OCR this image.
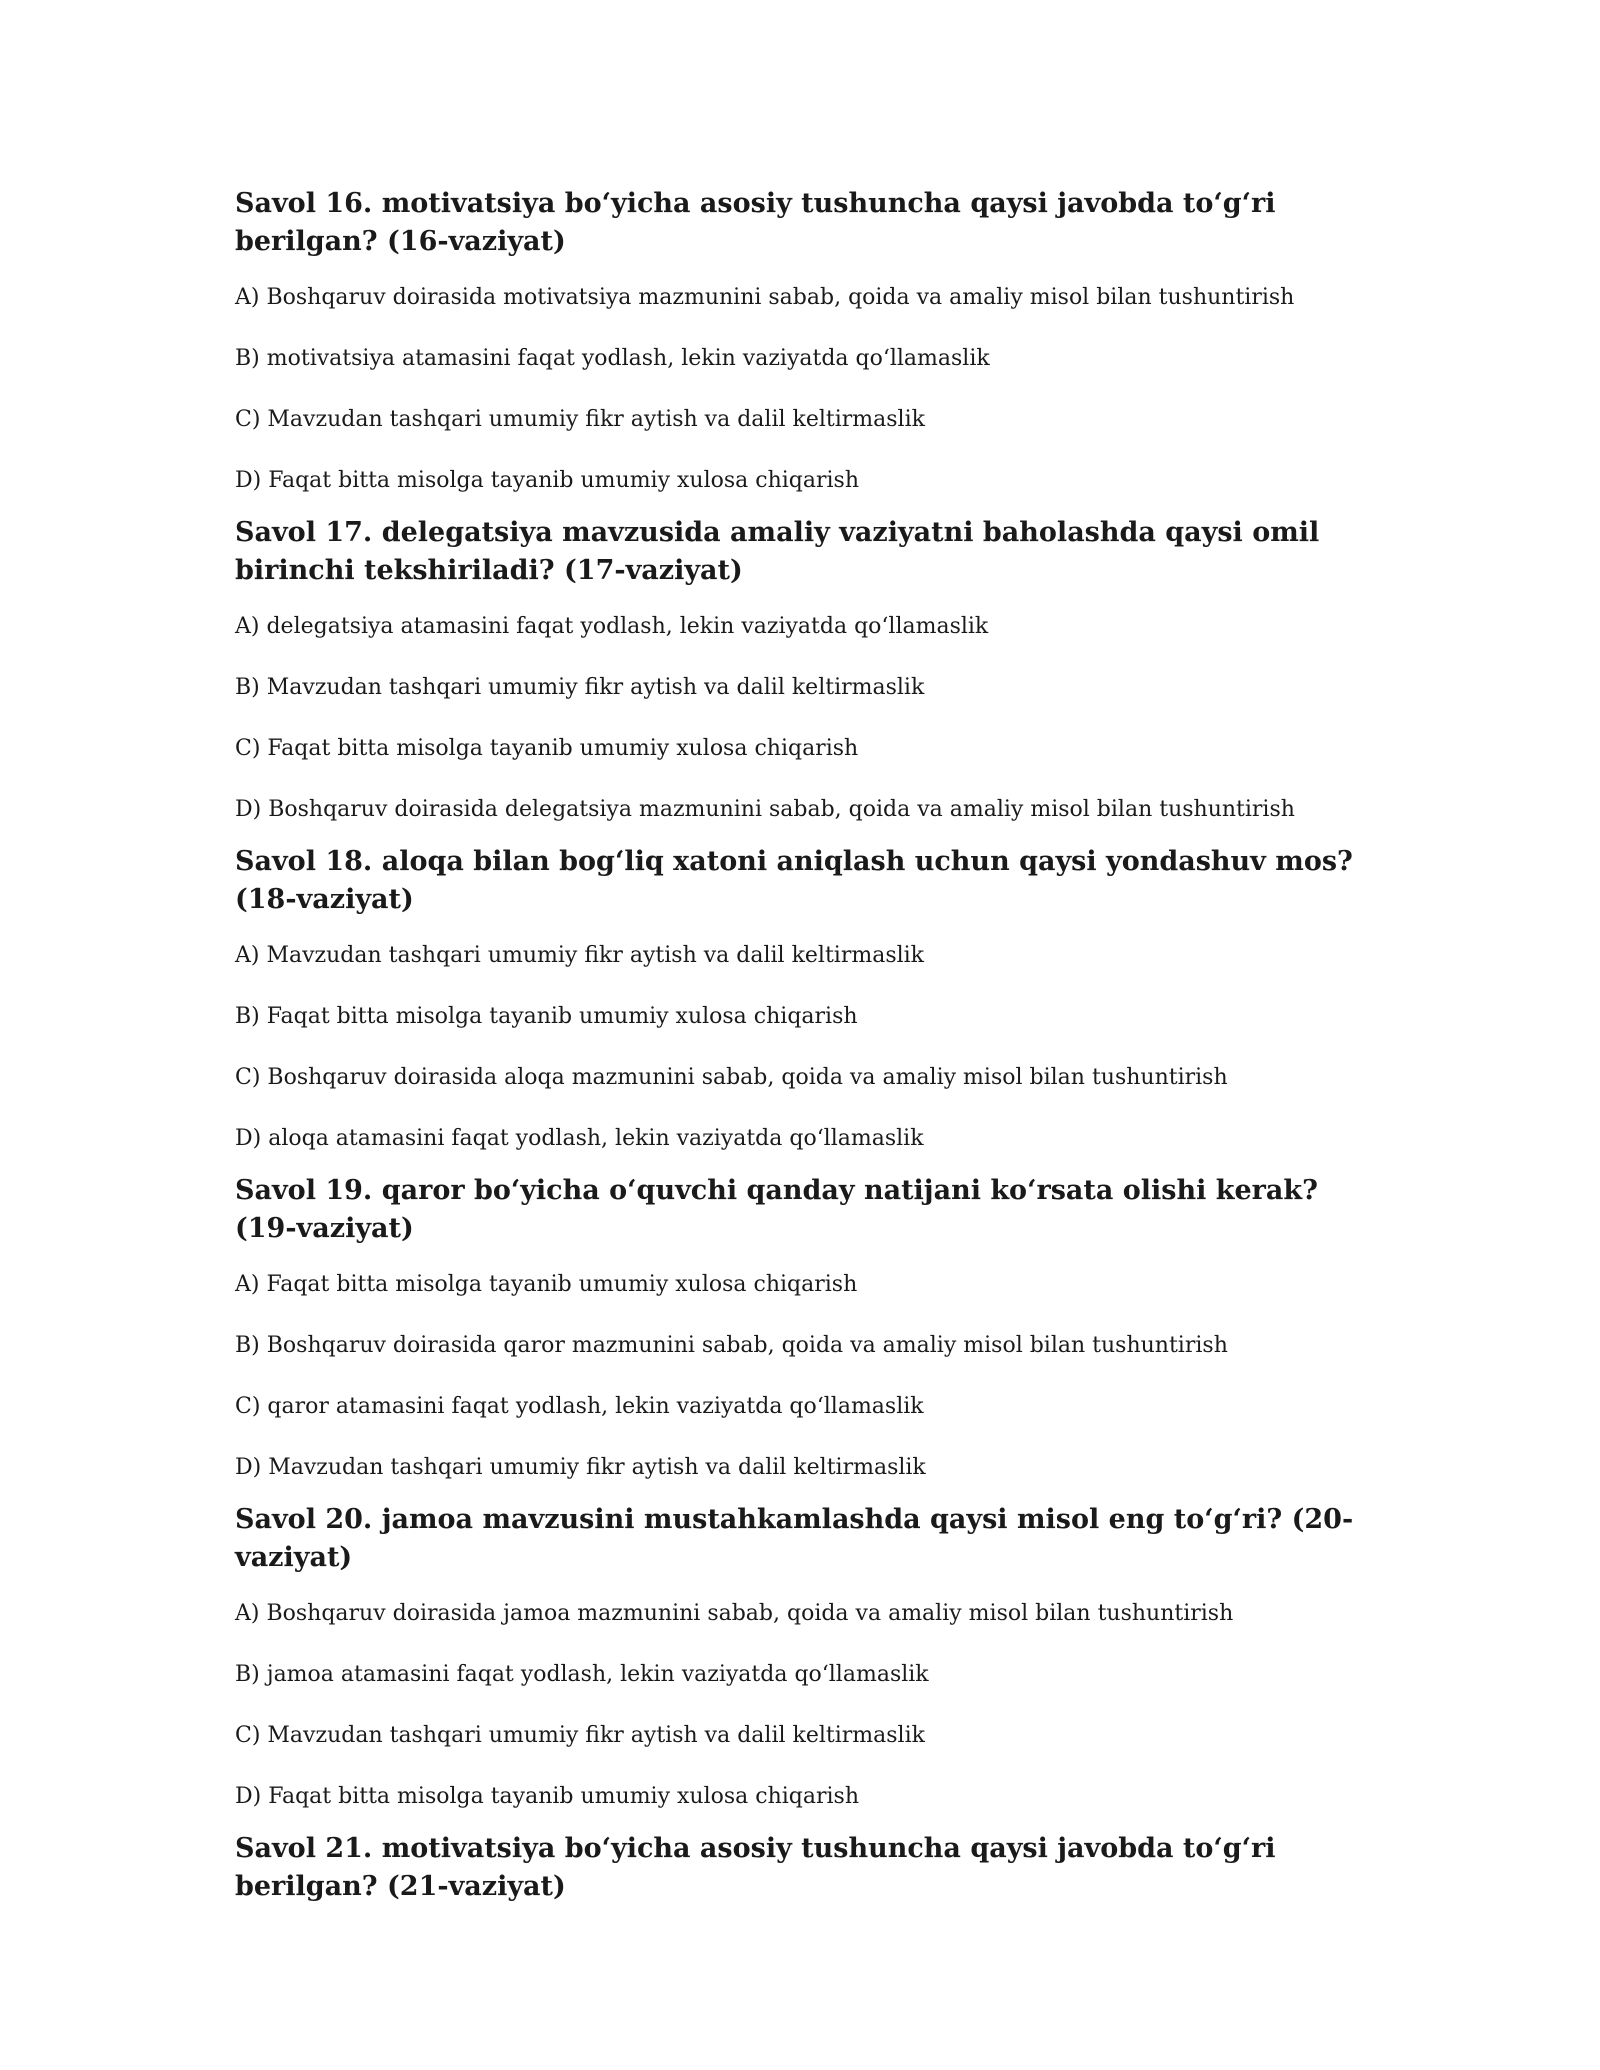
Savol 16. motivatsiya bo‘yicha asosiy tushuncha qaysi javobda to‘g‘ri berilgan? (16-vaziyat)
A) Boshqaruv doirasida motivatsiya mazmunini sabab, qoida va amaliy misol bilan tushuntirish
B) motivatsiya atamasini faqat yodlash, lekin vaziyatda qo‘llamaslik
C) Mavzudan tashqari umumiy fikr aytish va dalil keltirmaslik
D) Faqat bitta misolga tayanib umumiy xulosa chiqarish
Savol 17. delegatsiya mavzusida amaliy vaziyatni baholashda qaysi omil birinchi tekshiriladi? (17-vaziyat)
A) delegatsiya atamasini faqat yodlash, lekin vaziyatda qo‘llamaslik
B) Mavzudan tashqari umumiy fikr aytish va dalil keltirmaslik
C) Faqat bitta misolga tayanib umumiy xulosa chiqarish
D) Boshqaruv doirasida delegatsiya mazmunini sabab, qoida va amaliy misol bilan tushuntirish
Savol 18. aloqa bilan bog‘liq xatoni aniqlash uchun qaysi yondashuv mos? (18-vaziyat)
A) Mavzudan tashqari umumiy fikr aytish va dalil keltirmaslik
B) Faqat bitta misolga tayanib umumiy xulosa chiqarish
C) Boshqaruv doirasida aloqa mazmunini sabab, qoida va amaliy misol bilan tushuntirish
D) aloqa atamasini faqat yodlash, lekin vaziyatda qo‘llamaslik
Savol 19. qaror bo‘yicha o‘quvchi qanday natijani ko‘rsata olishi kerak? (19-vaziyat)
A) Faqat bitta misolga tayanib umumiy xulosa chiqarish
B) Boshqaruv doirasida qaror mazmunini sabab, qoida va amaliy misol bilan tushuntirish
C) qaror atamasini faqat yodlash, lekin vaziyatda qo‘llamaslik
D) Mavzudan tashqari umumiy fikr aytish va dalil keltirmaslik
Savol 20. jamoa mavzusini mustahkamlashda qaysi misol eng to‘g‘ri? (20-vaziyat)
A) Boshqaruv doirasida jamoa mazmunini sabab, qoida va amaliy misol bilan tushuntirish
B) jamoa atamasini faqat yodlash, lekin vaziyatda qo‘llamaslik
C) Mavzudan tashqari umumiy fikr aytish va dalil keltirmaslik
D) Faqat bitta misolga tayanib umumiy xulosa chiqarish
Savol 21. motivatsiya bo‘yicha asosiy tushuncha qaysi javobda to‘g‘ri berilgan? (21-vaziyat)
